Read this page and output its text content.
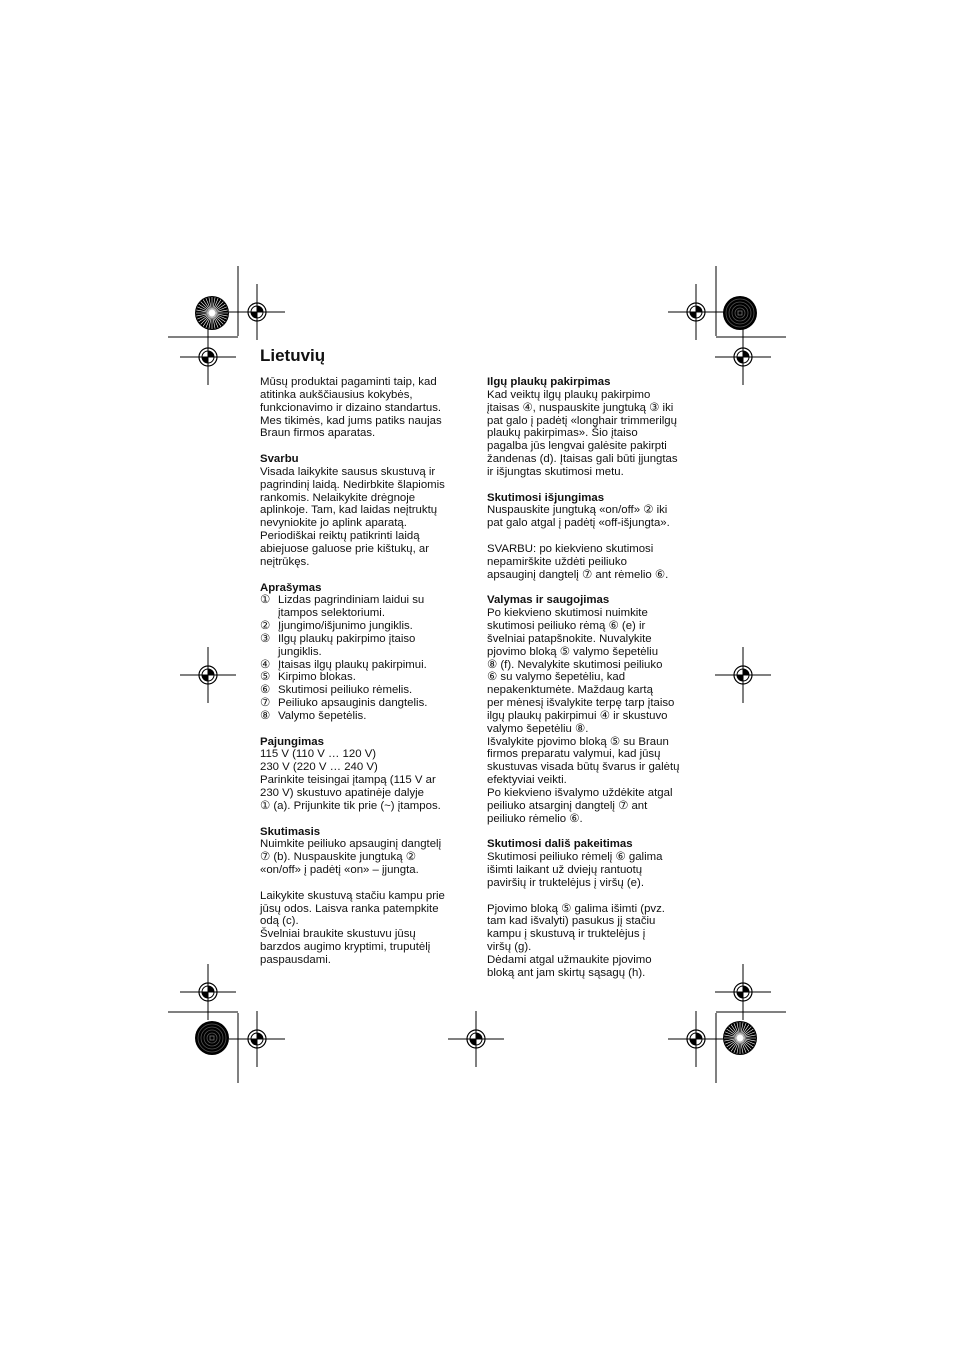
Lietuvių

Mūsų produktai pagaminti taip, kad
atitinka aukščiausius kokybės,
funkcionavimo ir dizaino standartus.
Mes tikimės, kad jums patiks naujas
Braun firmos aparatas.

Svarbu

Visada laikykite sausus skustuvą ir
pagrindinį laidą. Nedirbkite šlapiomis
rankomis. Nelaikykite drėgnoje
aplinkoje. Tam, kad laidas neįtruktų
nevyniokite jo aplink aparatą.
Periodiškai reiktų patikrinti laidą
abiejuose galuose prie kištukų, ar
neįtrūkęs.

Aprašymas
① Lizdas pagrindiniam laidui su
įtampos selektoriumi.
② Įjungimo/išjunimo jungiklis.
③ Ilgų plaukų pakirpimo įtaiso
jungiklis.
④ Įtaisas ilgų plaukų pakirpimui.
⑤ Kirpimo blokas.
⑥ Skutimosi peiliuko rėmelis.
⑦ Peiliuko apsauginis dangtelis.
⑧ Valymo šepetėlis.
Pajungimas

115 V (110 V … 120 V)
230 V (220 V … 240 V)
Parinkite teisingai įtampą (115 V ar
230 V) skustuvo apatinėje dalyje
① (a). Prijunkite tik prie (~) įtampos.

Skutimasis

Nuimkite peiliuko apsauginį dangtelį
⑦ (b). Nuspauskite jungtuką ②
«on/off» į padėtį «on» – įjungta.

Laikykite skustuvą stačiu kampu prie
jūsų odos. Laisva ranka patempkite
odą (c).
Švelniai braukite skustuvu jūsų
barzdos augimo kryptimi, truputėlį
paspausdami.

Ilgų plaukų pakirpimas

Kad veiktų ilgų plaukų pakirpimo
įtaisas ④, nuspauskite jungtuką ③ iki
pat galo į padėtį «longhair trimmerilgų
plaukų pakirpimas». Šio įtaiso
pagalba jūs lengvai galėsite pakirpti
žandenas (d). Įtaisas gali būti įjungtas
ir išjungtas skutimosi metu.

Skutimosi išjungimas

Nuspauskite jungtuką «on/off» ② iki
pat galo atgal į padėtį «off-išjungta».

SVARBU: po kiekvieno skutimosi
nepamirškite uždėti peiliuko
apsauginį dangtelį ⑦ ant rėmelio ⑥.

Valymas ir saugojimas

Po kiekvieno skutimosi nuimkite
skutimosi peiliuko rėmą ⑥ (e) ir
švelniai patapšnokite. Nuvalykite
pjovimo bloką ⑤ valymo šepetėliu
⑧ (f). Nevalykite skutimosi peiliuko
⑥ su valymo šepetėliu, kad
nepakenktumėte. Maždaug kartą
per mėnesį išvalykite terpę tarp įtaiso
ilgų plaukų pakirpimui ④ ir skustuvo
valymo šepetėliu ⑧.
Išvalykite pjovimo bloką ⑤ su Braun
firmos preparatu valymui, kad jūsų
skustuvas visada būtų švarus ir galėtų
efektyviai veikti.
Po kiekvieno išvalymo uždėkite atgal
peiliuko atsarginį dangtelį ⑦ ant
peiliuko rėmelio ⑥.

Skutimosi dališ pakeitimas

Skutimosi peiliuko rėmelį ⑥ galima
išimti laikant už dviejų rantuotų
paviršių ir truktelėjus į viršų (e).

Pjovimo bloką ⑤ galima išimti (pvz.
tam kad išvalyti) pasukus jį stačiu
kampu į skustuvą ir truktelėjus į
viršų (g).
Dėdami atgal užmaukite pjovimo
bloką ant jam skirtų sąsagų (h).
